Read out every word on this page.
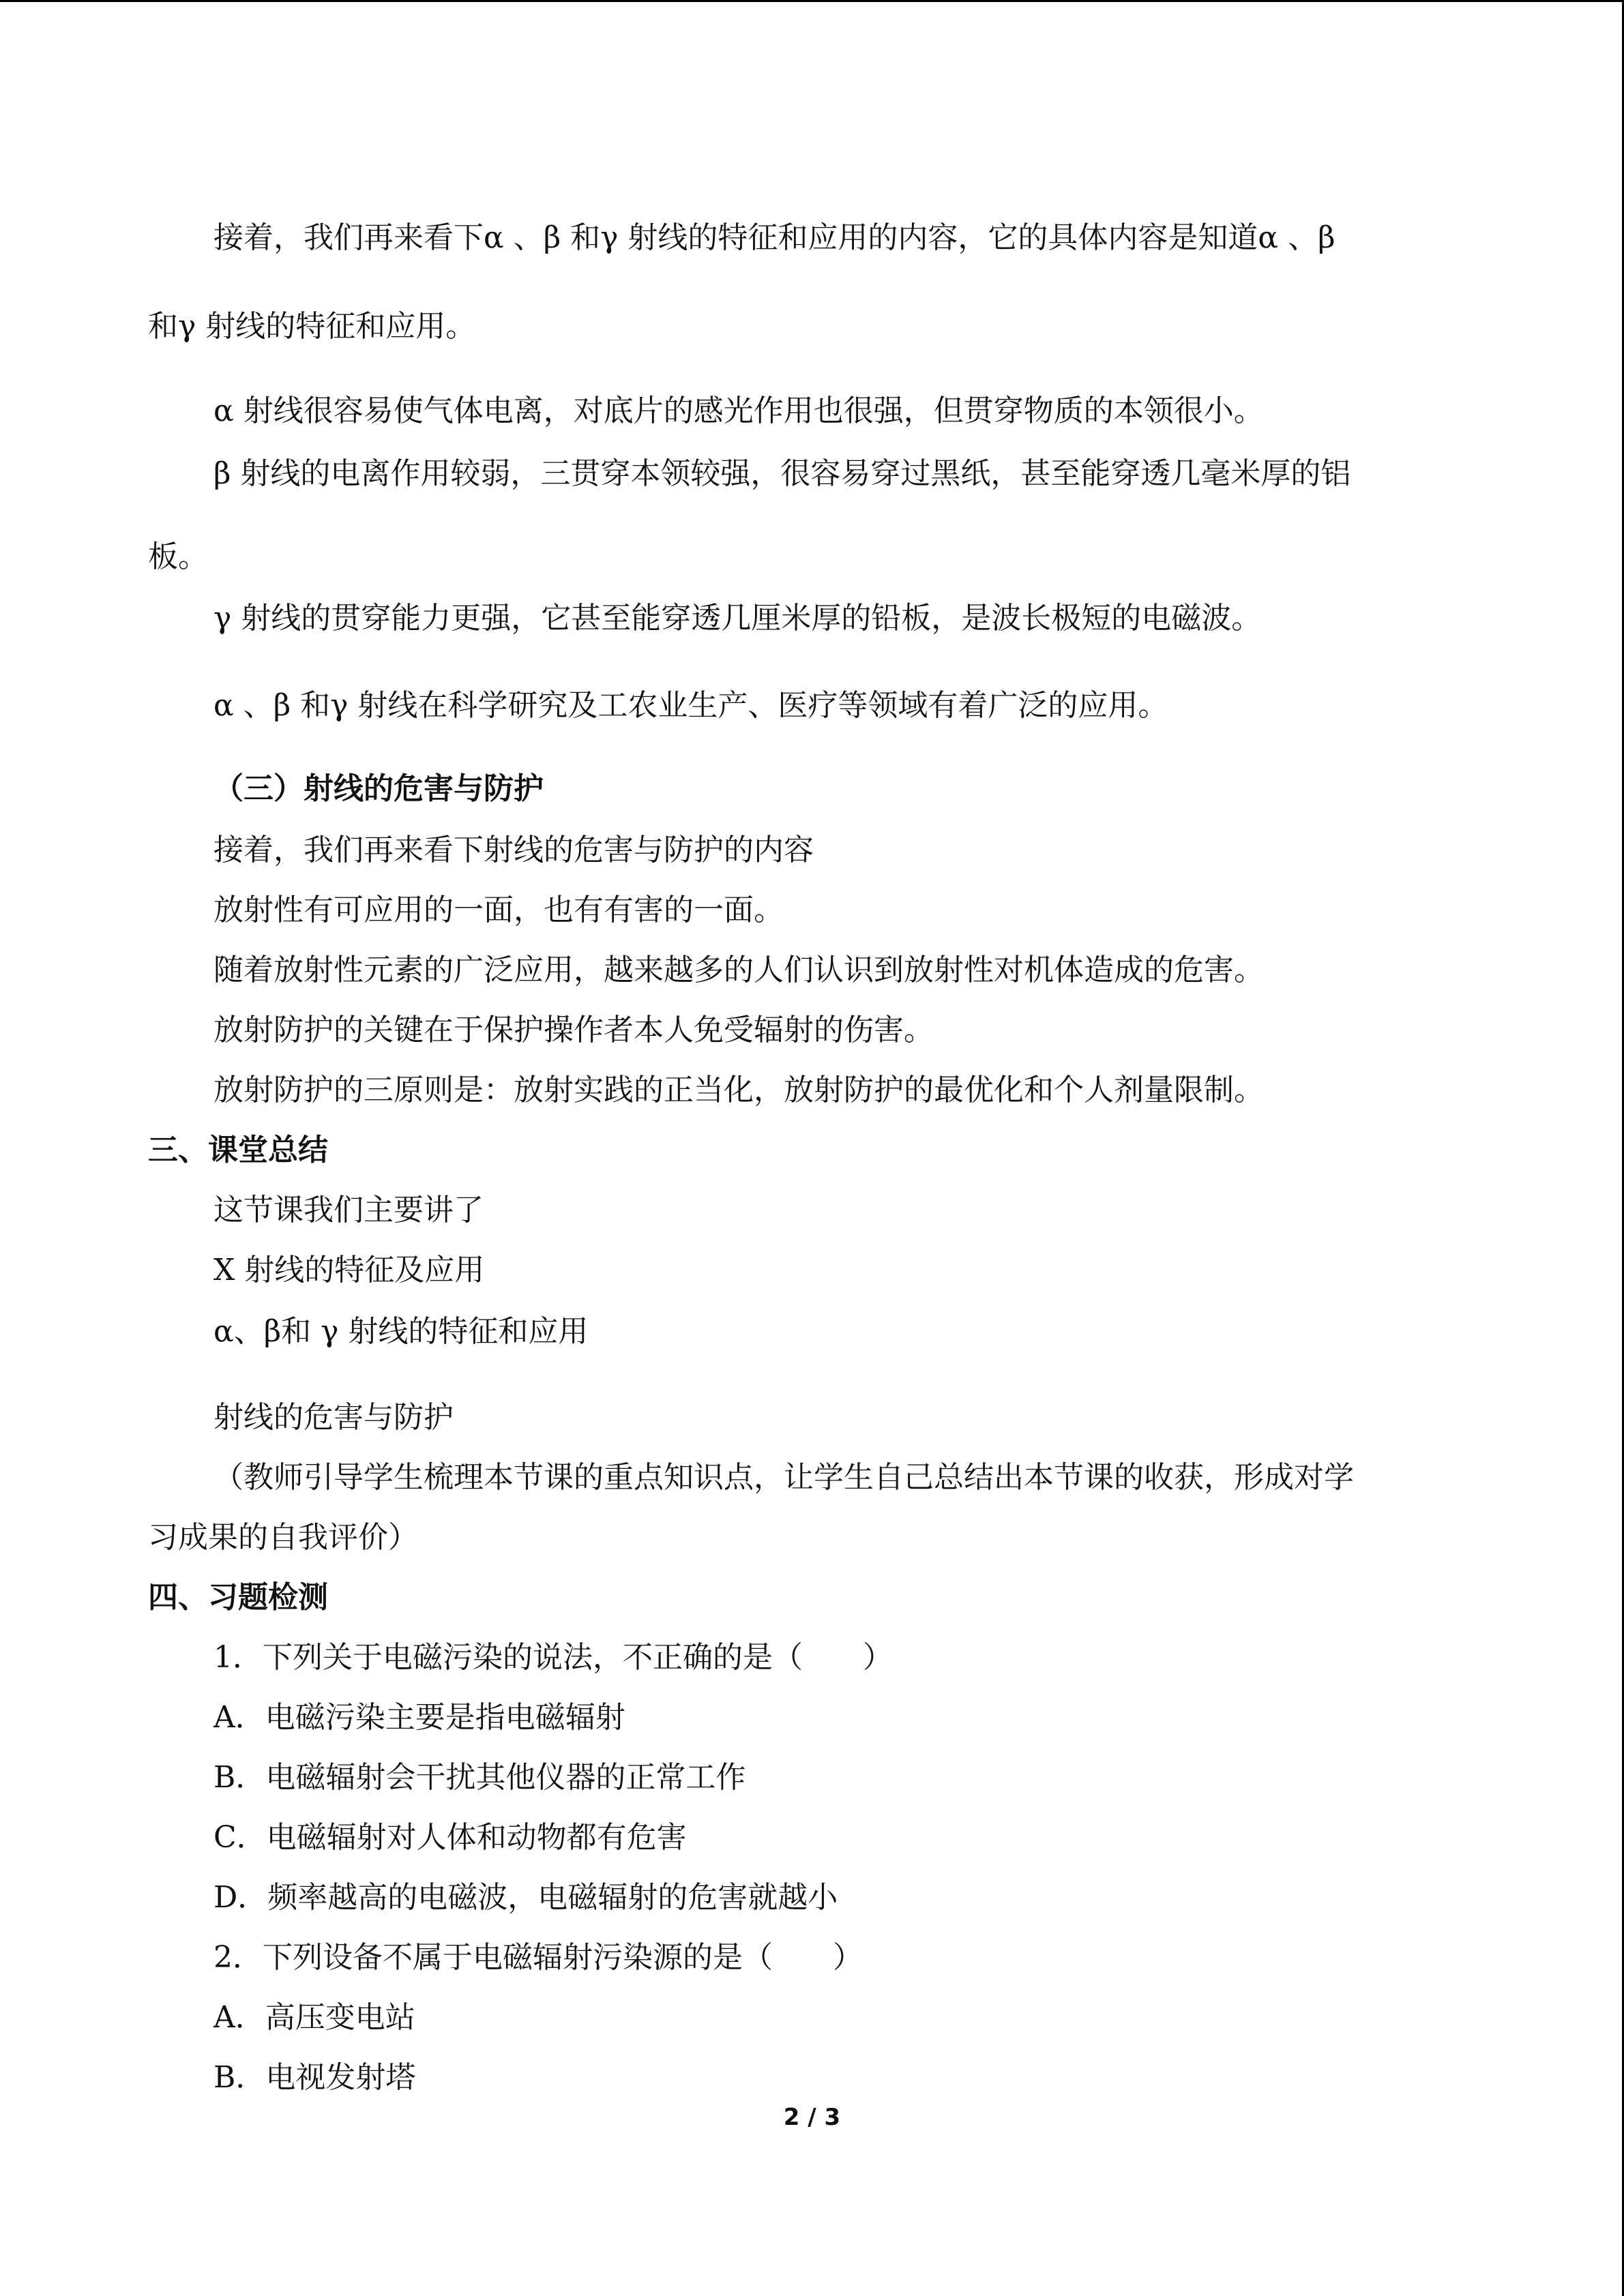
接着，我们再来看下α 、β 和γ 射线的特征和应用的内容，它的具体内容是知道α 、β
和γ 射线的特征和应用。
α 射线很容易使气体电离，对底片的感光作用也很强，但贯穿物质的本领很小。
β 射线的电离作用较弱，三贯穿本领较强，很容易穿过黑纸，甚至能穿透几毫米厚的铝
板。
γ 射线的贯穿能力更强，它甚至能穿透几厘米厚的铅板，是波长极短的电磁波。
α 、β 和γ 射线在科学研究及工农业生产、医疗等领域有着广泛的应用。
（三）射线的危害与防护
接着，我们再来看下射线的危害与防护的内容
放射性有可应用的一面，也有有害的一面。
随着放射性元素的广泛应用，越来越多的人们认识到放射性对机体造成的危害。
放射防护的关键在于保护操作者本人免受辐射的伤害。
放射防护的三原则是：放射实践的正当化，放射防护的最优化和个人剂量限制。
三、课堂总结
这节课我们主要讲了
X 射线的特征及应用
α、β和 γ 射线的特征和应用
射线的危害与防护
（教师引导学生梳理本节课的重点知识点，让学生自己总结出本节课的收获，形成对学
习成果的自我评价）
四、习题检测
1．下列关于电磁污染的说法，不正确的是（　　）
A．电磁污染主要是指电磁辐射
B．电磁辐射会干扰其他仪器的正常工作
C．电磁辐射对人体和动物都有危害
D．频率越高的电磁波，电磁辐射的危害就越小
2．下列设备不属于电磁辐射污染源的是（　　）
A．高压变电站
B．电视发射塔
2 / 3
